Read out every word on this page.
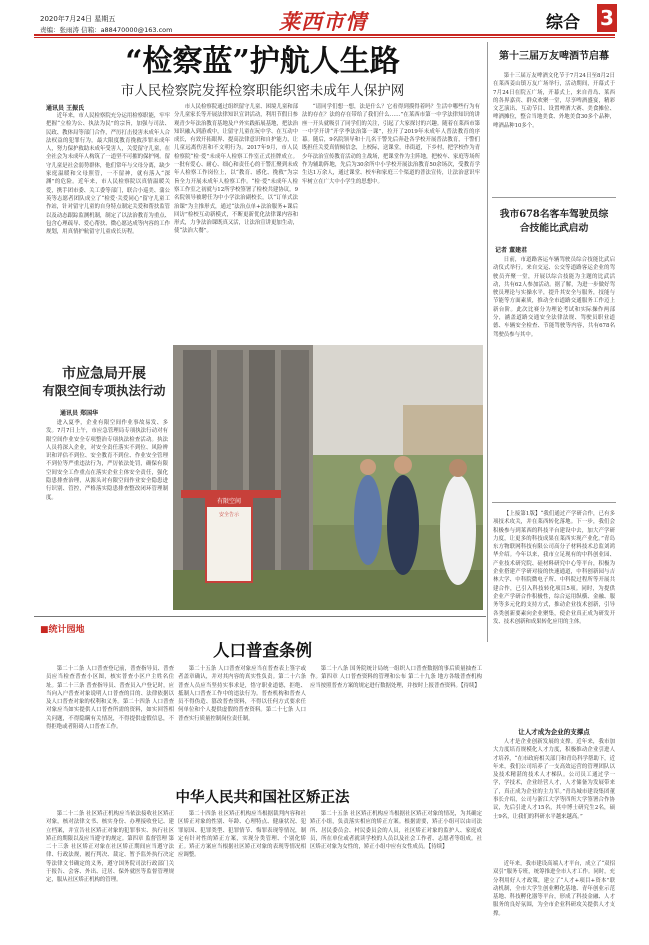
2020年7月24日 星期五
责编：张雨涛 信箱：a88470000@163.com	莱西市情	综合 3
“检察蓝”护航人生路
市人民检察院发挥检察职能织密未成年人保护网
通讯员 王振氏
近年来，市人民检察院充分运用检察职能，牢牢把握“立检为公、执法为民”的宗旨，加强与司法、民政、教体局等部门合作，严厉打击侵害未成年人合法权益的犯罪行为，最大限度教育挽救涉罪未成年人，努力保护救助未成年受害人，关爱留守儿童，在全社会为未成年人构筑了一道坚不可摧的保护网。留守儿童是社会弱势群体，他们常年与父母分离，缺少家庭温暖和父母照管，一不留神，就有落入“深渊”的危险。近年来，市人民检察院以真情温暖关爱，携手团市委、关工委等部门，联合小巡美、蒲公英等志愿者团队成立了“检爱·关爱同心”留守儿童工作站，针对留守儿童的自身特点制定关爱和帮扶监管以及动态跟踪监测机制，制定了以法治教育为重点、包含心理疏导、爱心帮扶、微心愿达成等内容的工作规划，用真情护航留守儿童成长历程。
市人民检察院通过组织留守儿童、困境儿童和部分儿童家长等开展法律知识宣讲活动，利用节假日参观青少年法治教育基地及户外实践拓展基地，把法治知识融入到游戏中，让留守儿童在玩中学、在互动中成长，有效开拓眼界、提高法律意识和自护能力，让儿童远离伤害和不文明行为。2017年9月，市人民检察院“检·爱”未成年人检察工作室正式挂牌成立。一批有爱心、耐心、细心和责任心的干警汇聚到未成年人检察工作岗位上，以“教育、感化、挽救”为宗旨全力开展未成年人检察工作。“检·爱”未成年人检察工作室之初就与12所学校签署了检校共建协议，9名院领导被聘任为中小学法治副校长，以“订单式法治课”为主推形式，通过“法治点单+法治服务+课后回访”检校互动新模式，不断更新优化法律课内容和形式，力争法治课既真又活，让法治宣讲更加生动，使“法治大餐”。
“请同学们想一想，法是什么？它看得到摸得着吗？生活中哪些行为有法的存在？法的存在带给了我们什么……”在莱西市第一中学法律知识的讲座一开头就吸引了同学们的关注，引起了大家探讨的兴趣。随着在莱西市第一中学开讲“开学季法治第一课”，拉开了2019年未成年人普法教育的序幕。随后，9名院领导和十几名干警先后奔赴各学校开展普法教育，干警们既担任关爱真情倾信念，上校际，送课堂，串街道，下乡村，把学校作为青少年法治宣传教育活动的主战场，把课堂作为主阵地，把校车、家庭等场所作为辅助阵地，先后为30余所中小学校开展法治教育50余场次，受教育学生达1万余人，通过课堂、校车和家庭三个渠道的普法宣传，让法治意识牢牢树立在广大中小学生的思想中。
市应急局开展
有限空间专项执法行动
通讯员 郑国华
进入夏季，企业有限空间作业事故易发、多发。7月7日上午，市应急管理局专项执法行动对有限空间作业安全专项整治专项执法检查活动。执法人员将深入企业，对安全责任落实不到位、风险辨识和评估不到位、安全教育不到位、作业安全管理不到位等严重违法行为，严厉依法处罚，确保有限空间安全工作重点在落实企业主体安全责任，强化隐患排查治理，从源头对有限空间作业安全隐患进行识别、管控，严格落实隐患排查整改闭环管理制度。
有限空间
安全告示
第十三届万友啤酒节启幕
第十三届万友啤酒文化节于7月24日至8月2日在莱西姜山镇万友广场举行，活动期间，开幕式于7月24日在院五广场，开幕式上，来自青岛、莱西的各界嘉宾、群众欢聚一堂，尽享啤酒盛宴，精彩文艺演出、互动节目、设置啤酒大赛、美食摊位、啤酒摊位，整合当地美食、外地美食30多个品种，啤酒品种10多个。
我市678名客车驾驶员综
合技能比武启动
记者 董建君
日前，市道路客运车辆驾驶员综合技能比武启动仪式举行。来自交运、公交等道路客运企业的驾驶员齐聚一堂，开展以综合技能为主题的比武活动，共有62人参加活动。据了解，为进一步做好驾驶员理论与实操水平，提升其安全与服务，技能与节能等方面素质，推动全市道路交通服务工作迈上新台阶。此次比赛分为理论考试和实际操作两部分，涵盖道路交通安全法律法规、驾驶员职业道德、车辆安全检查、节能驾驶等内容，共有678名驾驶员参与其中。
【上接第1版】“我们通过产学研合作，已有多项技术攻关，并在莱西转化落地。下一步，我们会积极参与到莱西的科技平台建设中去，加大产学研力度，让更多的科技成果在莱西实现产业化。”青岛东方物联网科技有限公司高分子材料技术总监刘鸿华介绍。今年以来，我市立足现有的中科创业园、产业技术研究院、硅材料研究中心等平台，积极为企业搭建产学研对接的快速通道，中科创新园与吉林大学、中科院微电子所、中科院过程所等开展共建合作，已引入科技转化项目5项。同时，为提供企业产学研合作积极性，综合运用纵横、金融、服务等多元化的支持方式，推动企业技术创新，引导各类创新要素向企业聚集，使企业真正成为研发开发、技术创新和成果转化应用的主体。
让人才成为企业的支撑点
人才是企业创新发展的支撑。近年来，我市加大力度培育规模化人才力度，积极推动企业引进人才培养，“在市政府相关部门和青岛科学帮助下，近年来，我们公司培养了一支高效运营的管理团队以及技术精湛的技术人才梯队。公司员工通过学一学，学技术，企业经营人才，人才储备为发展带来了，真正成为企业的主力军。”青岛城市建设集团董事长介绍，公司与浙江大学等四所大学签署合作协议，先后引进人才15名，其中博士研究生2名，硕士9名，让我们的科研水平越来越高。”
近年来，我市建设高端人才平台，成立了“双招双引”服务专班，统筹推进全市人才工作。同时，充分利用好人才政策，建立了“人才+项目+资本”联动机制，全市大学生创业孵化基地、青年创业示范基地、科技孵化器等平台，形成了科技金融、人才服务的良好氛围，为全市企业科研攻关提供人才支撑。
■统计园地
人口普查条例
第二十二条 人口普查登记前，普查指导员、普查员应当检查普查小区图，核实普查小区户主姓名住址。第二十三条 普查指导员、普查员入户登记时，应当向入户普查对象说明人口普查的目的、法律依据以及人口普查对象的权利和义务。第二十四条 人口普查对象应当如实提供人口普查所需的资料，如实回答相关问题，不得隐瞒有关情况，不得提供虚假信息，不得拒绝或者阻碍人口普查工作。
第二十五条 人口普查对象应当在普查表上签字或者盖章确认，并对其内容的真实性负责。第二十六条 普查人员应当坚持实事求是，恪守职业道德，拒绝、抵制人口普查工作中的违法行为。普查机构和普查人员不得伪造、篡改普查资料，不得以任何方式要求任何单位和个人提供虚假的普查资料。第二十七条 人口普查实行质量控制岗位责任制。
第二十八条 国务院统计局统一组织人口普查数据的事后质量抽查工作。第四章 人口普查资料的管理和公布 第二十九条 地方各级普查机构应当按照普查方案的规定进行数据处理，并按时上报普查资料。【待续】
中华人民共和国社区矫正法
第二十二条 社区矫正机构应当依法接收社区矫正对象，核对法律文书、核实身份、办理接收登记、建立档案，并宣告社区矫正对象的犯罪事实、执行社区矫正的期限以及应当遵守的规定。第四章 监督管理 第二十三条 社区矫正对象在社区矫正期间应当遵守法律、行政法规，履行判决、裁定、暂予监外执行决定等法律文书确定的义务，遵守国务院司法行政部门关于报告、会客、外出、迁居、保外就医等监督管理规定，服从社区矫正机构的管理。
第二十四条 社区矫正机构应当根据裁判内容和社区矫正对象的性别、年龄、心理特点、健康状况、犯罪原因、犯罪类型、犯罪情节、悔罪表现等情况，制定有针对性的矫正方案，实现分类管理、个别化矫正。矫正方案应当根据社区矫正对象的表现等情况相应调整。
第二十五条 社区矫正机构应当根据社区矫正对象的情况，为其确定矫正小组，负责落实相应的矫正方案。根据需要，矫正小组可以由司法所、居民委员会、村民委员会的人员，社区矫正对象的监护人、家庭成员，所在单位或者就读学校的人员以及社会工作者、志愿者等组成。社区矫正对象为女性的，矫正小组中应有女性成员。【待续】
